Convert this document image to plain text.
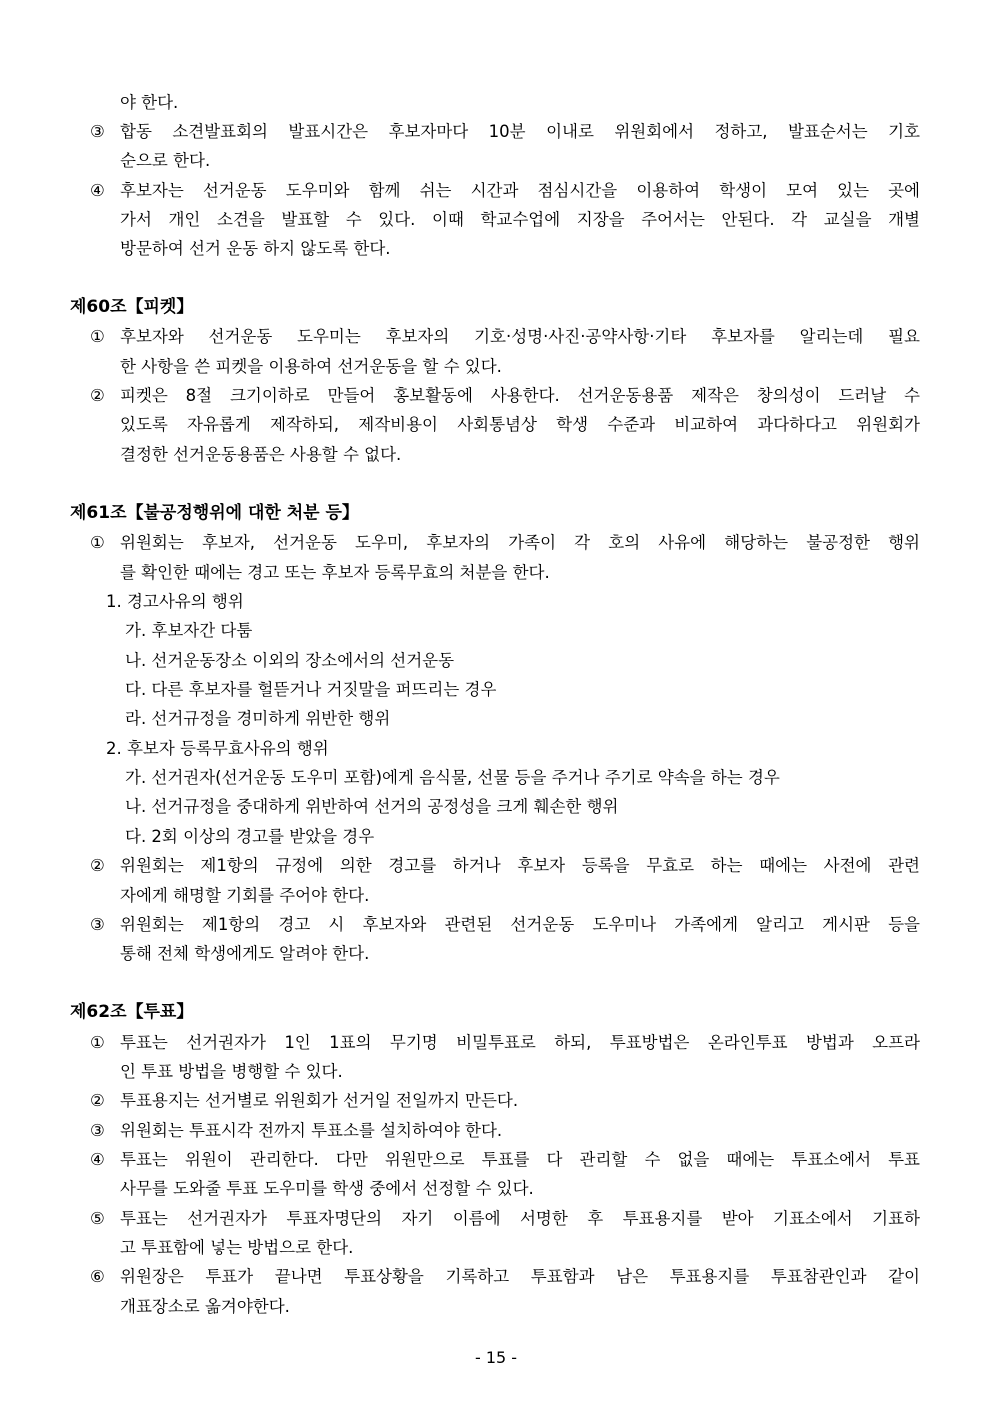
야 한다.
③ 합동 소견발표회의 발표시간은 후보자마다 10분 이내로 위원회에서 정하고, 발표순서는 기호
순으로 한다.
④ 후보자는 선거운동 도우미와 함께 쉬는 시간과 점심시간을 이용하여 학생이 모여 있는 곳에
가서 개인 소견을 발표할 수 있다. 이때 학교수업에 지장을 주어서는 안된다. 각 교실을 개별
방문하여 선거 운동 하지 않도록 한다.
제60조【피켓】
① 후보자와 선거운동 도우미는 후보자의 기호·성명·사진·공약사항·기타 후보자를 알리는데 필요
한 사항을 쓴 피켓을 이용하여 선거운동을 할 수 있다.
② 피켓은 8절 크기이하로 만들어 홍보활동에 사용한다. 선거운동용품 제작은 창의성이 드러날 수
있도록 자유롭게 제작하되, 제작비용이 사회통념상 학생 수준과 비교하여 과다하다고 위원회가
결정한 선거운동용품은 사용할 수 없다.
제61조【불공정행위에 대한 처분 등】
① 위원회는 후보자, 선거운동 도우미, 후보자의 가족이 각 호의 사유에 해당하는 불공정한 행위
를 확인한 때에는 경고 또는 후보자 등록무효의 처분을 한다.
1. 경고사유의 행위
가. 후보자간 다툼
나. 선거운동장소 이외의 장소에서의 선거운동
다. 다른 후보자를 헐뜯거나 거짓말을 퍼뜨리는 경우
라. 선거규정을 경미하게 위반한 행위
2. 후보자 등록무효사유의 행위
가. 선거권자(선거운동 도우미 포함)에게 음식물, 선물 등을 주거나 주기로 약속을 하는 경우
나. 선거규정을 중대하게 위반하여 선거의 공정성을 크게 훼손한 행위
다. 2회 이상의 경고를 받았을 경우
② 위원회는 제1항의 규정에 의한 경고를 하거나 후보자 등록을 무효로 하는 때에는 사전에 관련
자에게 해명할 기회를 주어야 한다.
③ 위원회는 제1항의 경고 시 후보자와 관련된 선거운동 도우미나 가족에게 알리고 게시판 등을
통해 전체 학생에게도 알려야 한다.
제62조【투표】
① 투표는 선거권자가 1인 1표의 무기명 비밀투표로 하되, 투표방법은 온라인투표 방법과 오프라
인 투표 방법을 병행할 수 있다.
② 투표용지는 선거별로 위원회가 선거일 전일까지 만든다.
③ 위원회는 투표시각 전까지 투표소를 설치하여야 한다.
④ 투표는 위원이 관리한다. 다만 위원만으로 투표를 다 관리할 수 없을 때에는 투표소에서 투표
사무를 도와줄 투표 도우미를 학생 중에서 선정할 수 있다.
⑤ 투표는 선거권자가 투표자명단의 자기 이름에 서명한 후 투표용지를 받아 기표소에서 기표하
고 투표함에 넣는 방법으로 한다.
⑥ 위원장은 투표가 끝나면 투표상황을 기록하고 투표함과 남은 투표용지를 투표참관인과 같이
개표장소로 옮겨야한다.
- 15 -
